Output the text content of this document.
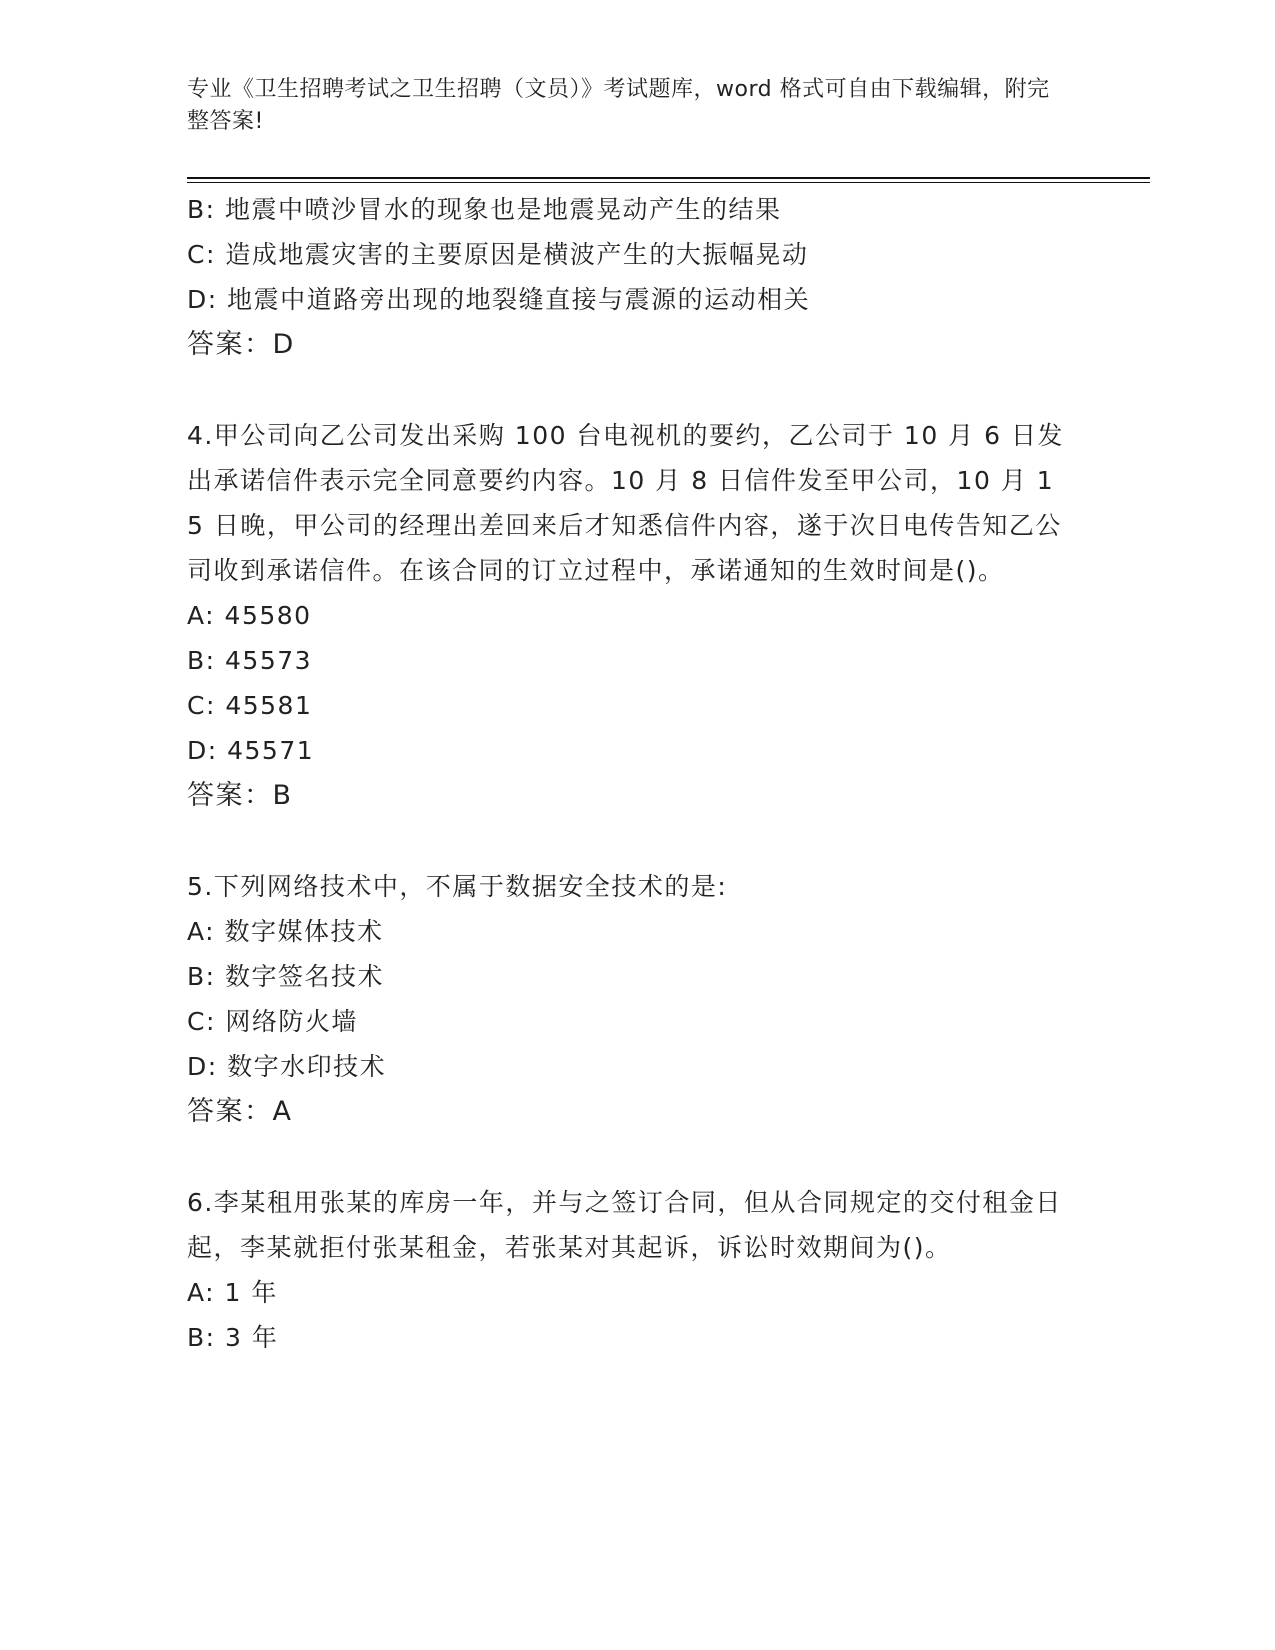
专业《卫生招聘考试之卫生招聘（文员）》考试题库，word 格式可自由下载编辑，附完整答案!
B: 地震中喷沙冒水的现象也是地震晃动产生的结果
C: 造成地震灾害的主要原因是横波产生的大振幅晃动
D: 地震中道路旁出现的地裂缝直接与震源的运动相关
答案：D
4.甲公司向乙公司发出采购 100 台电视机的要约，乙公司于 10 月 6 日发出承诺信件表示完全同意要约内容。10 月 8 日信件发至甲公司，10 月 15 日晚，甲公司的经理出差回来后才知悉信件内容，遂于次日电传告知乙公司收到承诺信件。在该合同的订立过程中，承诺通知的生效时间是()。
A: 45580
B: 45573
C: 45581
D: 45571
答案：B
5.下列网络技术中，不属于数据安全技术的是:
A: 数字媒体技术
B: 数字签名技术
C: 网络防火墙
D: 数字水印技术
答案：A
6.李某租用张某的库房一年，并与之签订合同，但从合同规定的交付租金日起，李某就拒付张某租金，若张某对其起诉，诉讼时效期间为()。
A: 1 年
B: 3 年
